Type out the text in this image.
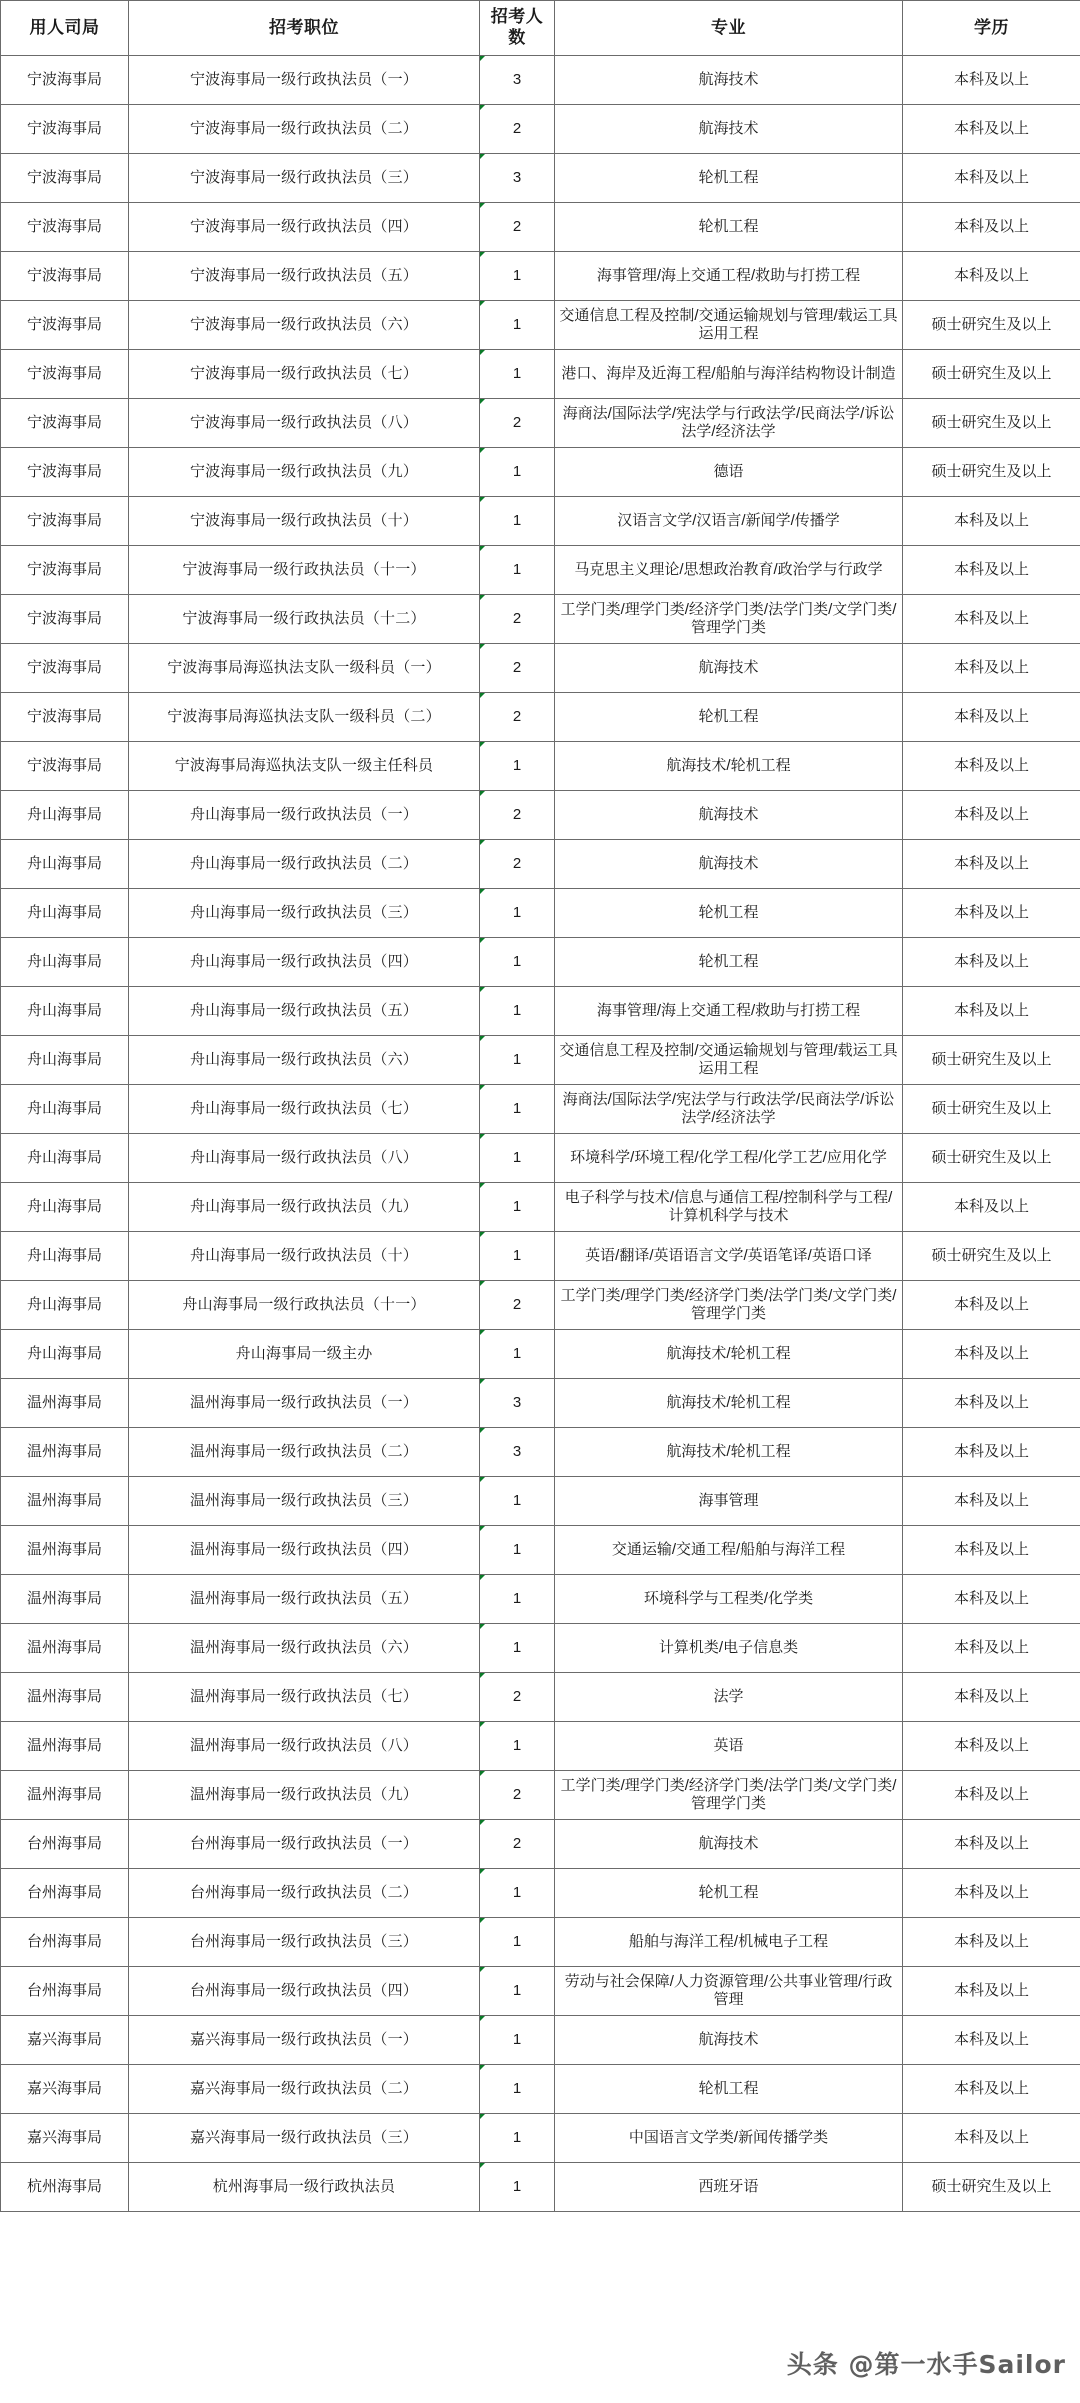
用人司局	招考职位	招考人数	专业	学历
宁波海事局	宁波海事局一级行政执法员（一）	3	航海技术	本科及以上
宁波海事局	宁波海事局一级行政执法员（二）	2	航海技术	本科及以上
宁波海事局	宁波海事局一级行政执法员（三）	3	轮机工程	本科及以上
宁波海事局	宁波海事局一级行政执法员（四）	2	轮机工程	本科及以上
宁波海事局	宁波海事局一级行政执法员（五）	1	海事管理/海上交通工程/救助与打捞工程	本科及以上
宁波海事局	宁波海事局一级行政执法员（六）	1	交通信息工程及控制/交通运输规划与管理/载运工具运用工程	硕士研究生及以上
宁波海事局	宁波海事局一级行政执法员（七）	1	港口、海岸及近海工程/船舶与海洋结构物设计制造	硕士研究生及以上
宁波海事局	宁波海事局一级行政执法员（八）	2	海商法/国际法学/宪法学与行政法学/民商法学/诉讼法学/经济法学	硕士研究生及以上
宁波海事局	宁波海事局一级行政执法员（九）	1	德语	硕士研究生及以上
宁波海事局	宁波海事局一级行政执法员（十）	1	汉语言文学/汉语言/新闻学/传播学	本科及以上
宁波海事局	宁波海事局一级行政执法员（十一）	1	马克思主义理论/思想政治教育/政治学与行政学	本科及以上
宁波海事局	宁波海事局一级行政执法员（十二）	2	工学门类/理学门类/经济学门类/法学门类/文学门类/管理学门类	本科及以上
宁波海事局	宁波海事局海巡执法支队一级科员（一）	2	航海技术	本科及以上
宁波海事局	宁波海事局海巡执法支队一级科员（二）	2	轮机工程	本科及以上
宁波海事局	宁波海事局海巡执法支队一级主任科员	1	航海技术/轮机工程	本科及以上
舟山海事局	舟山海事局一级行政执法员（一）	2	航海技术	本科及以上
舟山海事局	舟山海事局一级行政执法员（二）	2	航海技术	本科及以上
舟山海事局	舟山海事局一级行政执法员（三）	1	轮机工程	本科及以上
舟山海事局	舟山海事局一级行政执法员（四）	1	轮机工程	本科及以上
舟山海事局	舟山海事局一级行政执法员（五）	1	海事管理/海上交通工程/救助与打捞工程	本科及以上
舟山海事局	舟山海事局一级行政执法员（六）	1	交通信息工程及控制/交通运输规划与管理/载运工具运用工程	硕士研究生及以上
舟山海事局	舟山海事局一级行政执法员（七）	1	海商法/国际法学/宪法学与行政法学/民商法学/诉讼法学/经济法学	硕士研究生及以上
舟山海事局	舟山海事局一级行政执法员（八）	1	环境科学/环境工程/化学工程/化学工艺/应用化学	硕士研究生及以上
舟山海事局	舟山海事局一级行政执法员（九）	1	电子科学与技术/信息与通信工程/控制科学与工程/计算机科学与技术	本科及以上
舟山海事局	舟山海事局一级行政执法员（十）	1	英语/翻译/英语语言文学/英语笔译/英语口译	硕士研究生及以上
舟山海事局	舟山海事局一级行政执法员（十一）	2	工学门类/理学门类/经济学门类/法学门类/文学门类/管理学门类	本科及以上
舟山海事局	舟山海事局一级主办	1	航海技术/轮机工程	本科及以上
温州海事局	温州海事局一级行政执法员（一）	3	航海技术/轮机工程	本科及以上
温州海事局	温州海事局一级行政执法员（二）	3	航海技术/轮机工程	本科及以上
温州海事局	温州海事局一级行政执法员（三）	1	海事管理	本科及以上
温州海事局	温州海事局一级行政执法员（四）	1	交通运输/交通工程/船舶与海洋工程	本科及以上
温州海事局	温州海事局一级行政执法员（五）	1	环境科学与工程类/化学类	本科及以上
温州海事局	温州海事局一级行政执法员（六）	1	计算机类/电子信息类	本科及以上
温州海事局	温州海事局一级行政执法员（七）	2	法学	本科及以上
温州海事局	温州海事局一级行政执法员（八）	1	英语	本科及以上
温州海事局	温州海事局一级行政执法员（九）	2	工学门类/理学门类/经济学门类/法学门类/文学门类/管理学门类	本科及以上
台州海事局	台州海事局一级行政执法员（一）	2	航海技术	本科及以上
台州海事局	台州海事局一级行政执法员（二）	1	轮机工程	本科及以上
台州海事局	台州海事局一级行政执法员（三）	1	船舶与海洋工程/机械电子工程	本科及以上
台州海事局	台州海事局一级行政执法员（四）	1	劳动与社会保障/人力资源管理/公共事业管理/行政管理	本科及以上
嘉兴海事局	嘉兴海事局一级行政执法员（一）	1	航海技术	本科及以上
嘉兴海事局	嘉兴海事局一级行政执法员（二）	1	轮机工程	本科及以上
嘉兴海事局	嘉兴海事局一级行政执法员（三）	1	中国语言文学类/新闻传播学类	本科及以上
杭州海事局	杭州海事局一级行政执法员	1	西班牙语	硕士研究生及以上
头条 @第一水手Sailor
